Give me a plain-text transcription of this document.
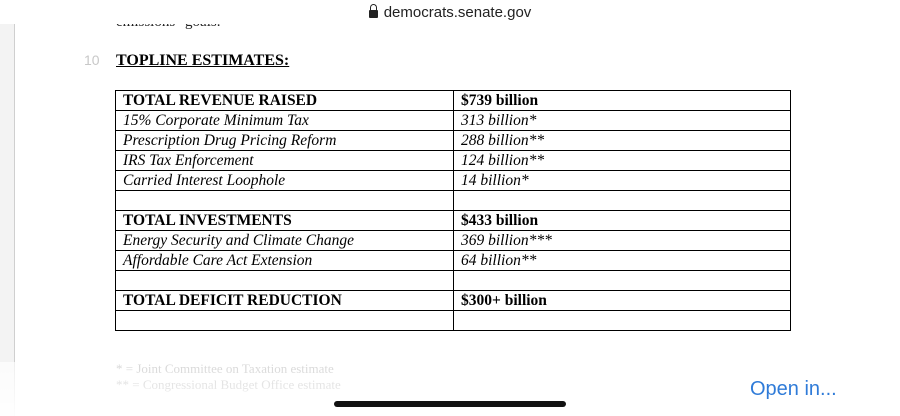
democrats.senate.gov
10 TOPLINE ESTIMATES:
TOTAL REVENUE RAISED	$739 billion
15% Corporate Minimum Tax	313 billion*
Prescription Drug Pricing Reform	288 billion**
IRS Tax Enforcement	124 billion**
Carried Interest Loophole	14 billion*

TOTAL INVESTMENTS	$433 billion
Energy Security and Climate Change	369 billion***
Affordable Care Act Extension	64 billion**

TOTAL DEFICIT REDUCTION	$300+ billion

Open in...
